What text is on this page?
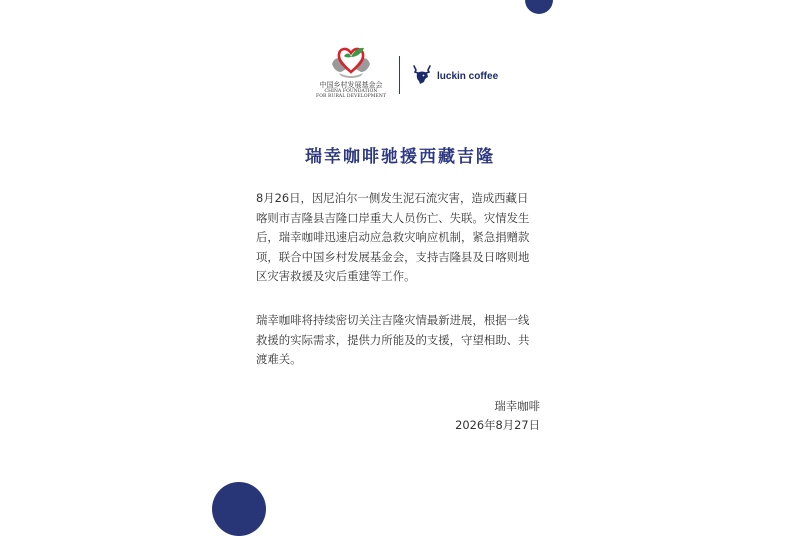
中国乡村发展基金会
CHINA FOUNDATION
FOR RURAL DEVELOPMENT
luckin coffee
瑞幸咖啡驰援西藏吉隆
8月26日，因尼泊尔一侧发生泥石流灾害，造成西藏日
喀则市吉隆县吉隆口岸重大人员伤亡、失联。灾情发生
后，瑞幸咖啡迅速启动应急救灾响应机制，紧急捐赠款
项，联合中国乡村发展基金会，支持吉隆县及日喀则地
区灾害救援及灾后重建等工作。
瑞幸咖啡将持续密切关注吉隆灾情最新进展，根据一线
救援的实际需求，提供力所能及的支援，守望相助、共
渡难关。
瑞幸咖啡
2026年8月27日
